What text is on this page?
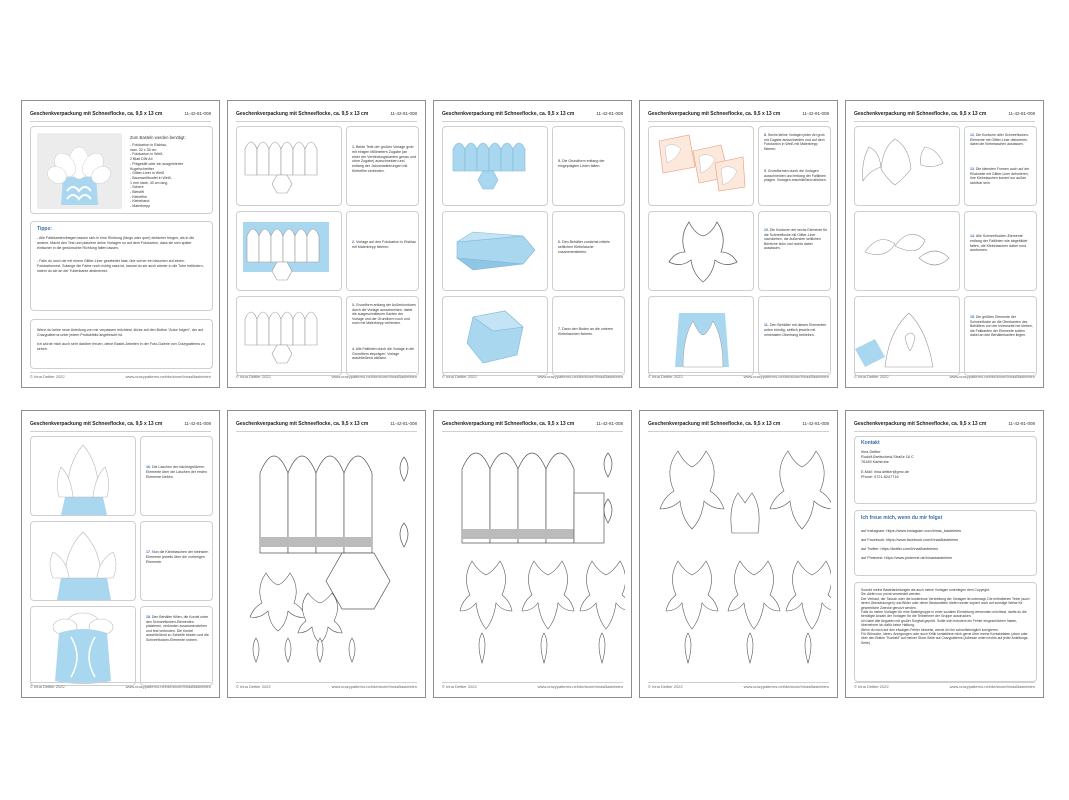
Geschenkverpackung mit Schneeflocke, ca. 9,5 x 13 cm	11-42-81-008
Zum Basteln werden benötigt:
- Fotokarton in Eisblau,
max. 32 x 35 cm
- Fotokarton in Weiß,
2 Blatt DIN A4
- Prägestift oder ein ausgeleierter
Kugelschreiber
- Glitter-Liner in Weiß
- Baumwollbordel in Weiß,
1 mm stark, 40 cm lang
- Schere
- Bleistift
- Klebefilm
- Klebeband
- Malerkrepp
Tipps:
- Alle Faltekanten/biegen lassen sich in eine Richtung (längs oder quer) einfacher biegen, als in die andere. Macht den Test und platziere deine Vorlagen so auf dem Fotokarton, dass sie sich später einfacher in die gewünschte Richtung falten lassen.
- Falls du noch nie mit einem Glitter-Liner gearbeitet hast, übe vorher ein bisschen auf einem Fotokartonrest. Solange die Farbe noch richtig nass ist, kannst du sie auch wieder in die Tube befördern, indem du sie an der Tubenkante abstreichst.
Wenn du keine neue Anleitung von mir verpassen möchtest, klicke auf den Button "Autor folgen", der auf Crazypatterns unter jedem Produktbild angebracht ist.
Ich würde mich auch sehr darüber freuen, deine Bastel-Arbeiten in der Foto-Galerie von Crazypatterns zu sehen.
© Irina Dettler 2022	www.crazypatterns.net/de/store/IrinasBasteleien
Geschenkverpackung mit Schneeflocke, ca. 9,5 x 13 cm	11-42-81-008
1. Beide Teile der großen Vorlage grob mit einigen Millimetern Zugabe (an einer der Verbindungskanten genau und ohne Zugabe) ausschneiden und entlang der Jalonmarkierungen mit Klebefilm verbinden.
2. Vorlage auf den Fotokarton in Eisblau mit Malerkrepp fixieren.
3. Grundform entlang der Außenkonturen durch die Vorlage ausschneiden, dabei die ausgeschnittenen Kanten der Vorlage und der Grundform noch und noch mit Malerkrepp verbinden.
4. Alle Faltlinien durch die Vorlage in die Grundform einprägen. Vorlage anschließend ablösen.
© Irina Dettler 2022	www.crazypatterns.net/de/store/IrinasBasteleien
Geschenkverpackung mit Schneeflocke, ca. 9,5 x 13 cm	11-42-81-008
5. Die Grundform entlang der eingeprägten Linien falten.
6. Den Behälter zunächst mittels seitlichen Klebelasche zusammenkleben.
7. Dann den Boden an die unteren Klebelaschen fixieren.
© Irina Dettler 2022	www.crazypatterns.net/de/store/IrinasBasteleien
Geschenkverpackung mit Schneeflocke, ca. 9,5 x 13 cm	11-42-81-008
8. Sechs kleine Vorlagen jeder Art grob mit Zugabe ausschneiden und auf dem Fotokarton in Weiß mit Malerkrepp fixieren.
9. Grundformen durch die Vorlagen ausschneiden und entlang der Faltlinien prägen. Vorlagen anschließend ablösen.
10. Die Konturen der sechs Elemente für die Schneeflocke mit Glitter-Liner nachziehen, die äußersten seitlichen Bereiche links und rechts dabei auslassen.
11. Den Behälter mit diesen Elementen unten bündig, seitlich jeweils mit minimalem Überhang bekleben.
© Irina Dettler 2022	www.crazypatterns.net/de/store/IrinasBasteleien
Geschenkverpackung mit Schneeflocke, ca. 9,5 x 13 cm	11-42-81-008
12. Die Konturen aller Schneeflocken-Elemente mit Glitter-Liner dekorieren, dabei die Klebelaschen auslassen.
13. Die kleinsten Formen auch auf der Rückseite mit Glitter-Liner dekorieren, ihre Klebelaschen kommt nur außen sichtbar sein.
14. Alle Schneeflocken-Elemente entlang der Faltlinien wie abgebildet falten, die Klebelaschen dabei rund ausformen.
15. Die größten Elemente der Schneeflocke an die Oberkanten des Behälters von der Innenseite her kleben, die Faltkanten der Elemente sollten dabei an den Behälterkanten liegen.
© Irina Dettler 2022	www.crazypatterns.net/de/store/IrinasBasteleien
Geschenkverpackung mit Schneeflocke, ca. 9,5 x 13 cm	11-42-81-008
16. Die Laschen der nächstgrößeren Elemente über die Laschen der ersten Elemente kleben.
17. Nun die Klebelaschen der kleinsten Elemente jeweils über die vorherigen Elemente.
18. Den Behälter füllen, die Kordel unter den Schneeflocken-Elementen platzieren, verknoten zusammenziehen und fest verknoten. Die Kordel anschließend zu Schleife binden und die Schneeflocken-Elemente ordnen.
© Irina Dettler 2022	www.crazypatterns.net/de/store/IrinasBasteleien
Geschenkverpackung mit Schneeflocke, ca. 9,5 x 13 cm	11-42-81-008
© Irina Dettler 2022	www.crazypatterns.net/de/store/IrinasBasteleien
Geschenkverpackung mit Schneeflocke, ca. 9,5 x 13 cm	11-42-81-008
© Irina Dettler 2022	www.crazypatterns.net/de/store/IrinasBasteleien
Geschenkverpackung mit Schneeflocke, ca. 9,5 x 13 cm	11-42-81-008
© Irina Dettler 2022	www.crazypatterns.net/de/store/IrinasBasteleien
Geschenkverpackung mit Schneeflocke, ca. 9,5 x 13 cm	11-42-81-008
Kontakt
Irina Dettler
Rudolf-Breitscheid-Straße 16 C
76189 Karlsruhe
E-Mail: irina.dettler@gmx.de
Phone: 0721-8247716
Ich freue mich, wenn du mir folgst
auf Instagram: https://www.instagram.com/irinas_basteleien
auf Facebook: https://www.facebook.com/IrinasBasteleien
auf Twitter: https://twitter.com/IrinasBasteleien
auf Pinterest: https://www.pinterest.de/irinasbasteleien
Sowohl meine Bastelanleitungen als auch meine Vorlagen unterliegen dem Copyright.
Sie dürfen nur privat verwendet werden.
Der Verkauf, der Tausch oder die kostenlose Verbreitung der Vorlagen ist untersagt. Die enthaltenen Texte (auch deren Übersetzungen) und Bilder oder deren Bestandteile dürfen weder kopiert noch auf sonstige Weise für gewerbliche Zwecke genutzt werden.
Falls du meine Vorlagen für eine Bastelgruppe in einer sozialen Einrichtung verwenden möchtest, darfst du die benötigte Anzahl der Vorlagen für die Teilnehmer der Gruppe ausdrucken.
Ich habe alle Angaben mit großer Sorgfalt geprüft. Sollte sich trotzdem ein Fehler eingeschlichen haben, übernehme ich dafür keine Haftung.
Wenn du mich auf den etwaigen Fehler hinweist, werde ich ihn schnellstmöglich korrigieren.
Für Wünsche, Ideen, Anregungen oder auch Kritik kontaktiere mich gerne über meine Kontaktdaten (oben oder über den Button "Kontakt" auf meiner Store-Seite auf Crazypatterns (Adresse unten rechts auf jeder Anleitungs-Seite).
© Irina Dettler 2022	www.crazypatterns.net/de/store/IrinasBasteleien
